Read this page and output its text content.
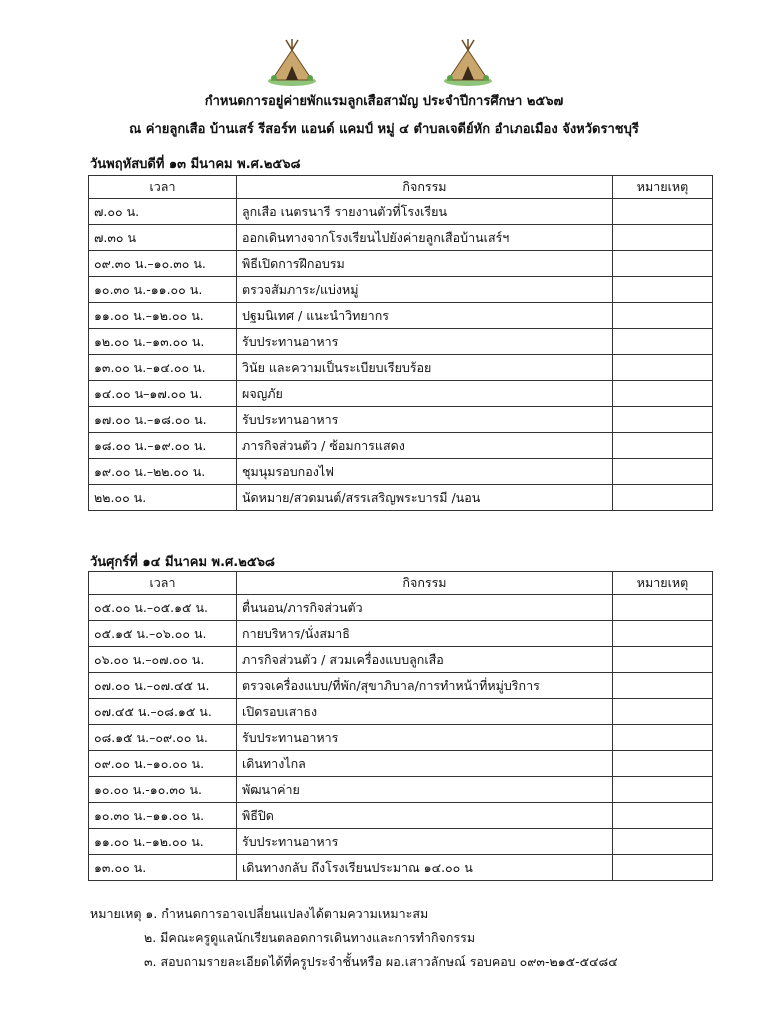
กำหนดการอยู่ค่ายพักแรมลูกเสือสามัญ ประจำปีการศึกษา ๒๕๖๗
ณ ค่ายลูกเสือ บ้านเสร์ รีสอร์ท แอนด์ แคมป์ หมู่ ๔ ตำบลเจดีย์หัก อำเภอเมือง จังหวัดราชบุรี
วันพฤหัสบดีที่ ๑๓ มีนาคม พ.ศ.๒๕๖๘
เวลา	กิจกรรม	หมายเหตุ
๗.๐๐ น.	ลูกเสือ เนตรนารี รายงานตัวที่โรงเรียน	
๗.๓๐ น	ออกเดินทางจากโรงเรียนไปยังค่ายลูกเสือบ้านเสร์ฯ	
๐๙.๓๐ น.–๑๐.๓๐ น.	พิธีเปิดการฝึกอบรม	
๑๐.๓๐ น.-๑๑.๐๐ น.	ตรวจสัมภาระ/แบ่งหมู่	
๑๑.๐๐ น.–๑๒.๐๐ น.	ปฐมนิเทศ / แนะนำวิทยากร	
๑๒.๐๐ น.–๑๓.๐๐ น.	รับประทานอาหาร	
๑๓.๐๐ น.–๑๔.๐๐ น.	วินัย และความเป็นระเบียบเรียบร้อย	
๑๔.๐๐ น–๑๗.๐๐ น.	ผจญภัย	
๑๗.๐๐ น.–๑๘.๐๐ น.	รับประทานอาหาร	
๑๘.๐๐ น.–๑๙.๐๐ น.	ภารกิจส่วนตัว / ซ้อมการแสดง	
๑๙.๐๐ น.–๒๒.๐๐ น.	ชุมนุมรอบกองไฟ	
๒๒.๐๐ น.	นัดหมาย/สวดมนต์/สรรเสริญพระบารมี /นอน	
วันศุกร์ที่ ๑๔ มีนาคม พ.ศ.๒๕๖๘
เวลา	กิจกรรม	หมายเหตุ
๐๕.๐๐ น.–๐๕.๑๕ น.	ตื่นนอน/ภารกิจส่วนตัว	
๐๕.๑๕ น.–๐๖.๐๐ น.	กายบริหาร/นั่งสมาธิ	
๐๖.๐๐ น.–๐๗.๐๐ น.	ภารกิจส่วนตัว / สวมเครื่องแบบลูกเสือ	
๐๗.๐๐ น.–๐๗.๔๕ น.	ตรวจเครื่องแบบ/ที่พัก/สุขาภิบาล/การทำหน้าที่หมู่บริการ	
๐๗.๔๕ น.–๐๘.๑๕ น.	เปิดรอบเสาธง	
๐๘.๑๕ น.–๐๙.๐๐ น.	รับประทานอาหาร	
๐๙.๐๐ น.–๑๐.๐๐ น.	เดินทางไกล	
๑๐.๐๐ น.-๑๐.๓๐ น.	พัฒนาค่าย	
๑๐.๓๐ น.–๑๑.๐๐ น.	พิธีปิด	
๑๑.๐๐ น.–๑๒.๐๐ น.	รับประทานอาหาร	
๑๓.๐๐ น.	เดินทางกลับ ถึงโรงเรียนประมาณ ๑๔.๐๐ น	
หมายเหตุ ๑. กำหนดการอาจเปลี่ยนแปลงได้ตามความเหมาะสม
๒. มีคณะครูดูแลนักเรียนตลอดการเดินทางและการทำกิจกรรม
๓. สอบถามรายละเอียดได้ที่ครูประจำชั้นหรือ ผอ.เสาวลักษณ์ รอบคอบ ๐๙๓-๒๑๕-๕๔๘๔
